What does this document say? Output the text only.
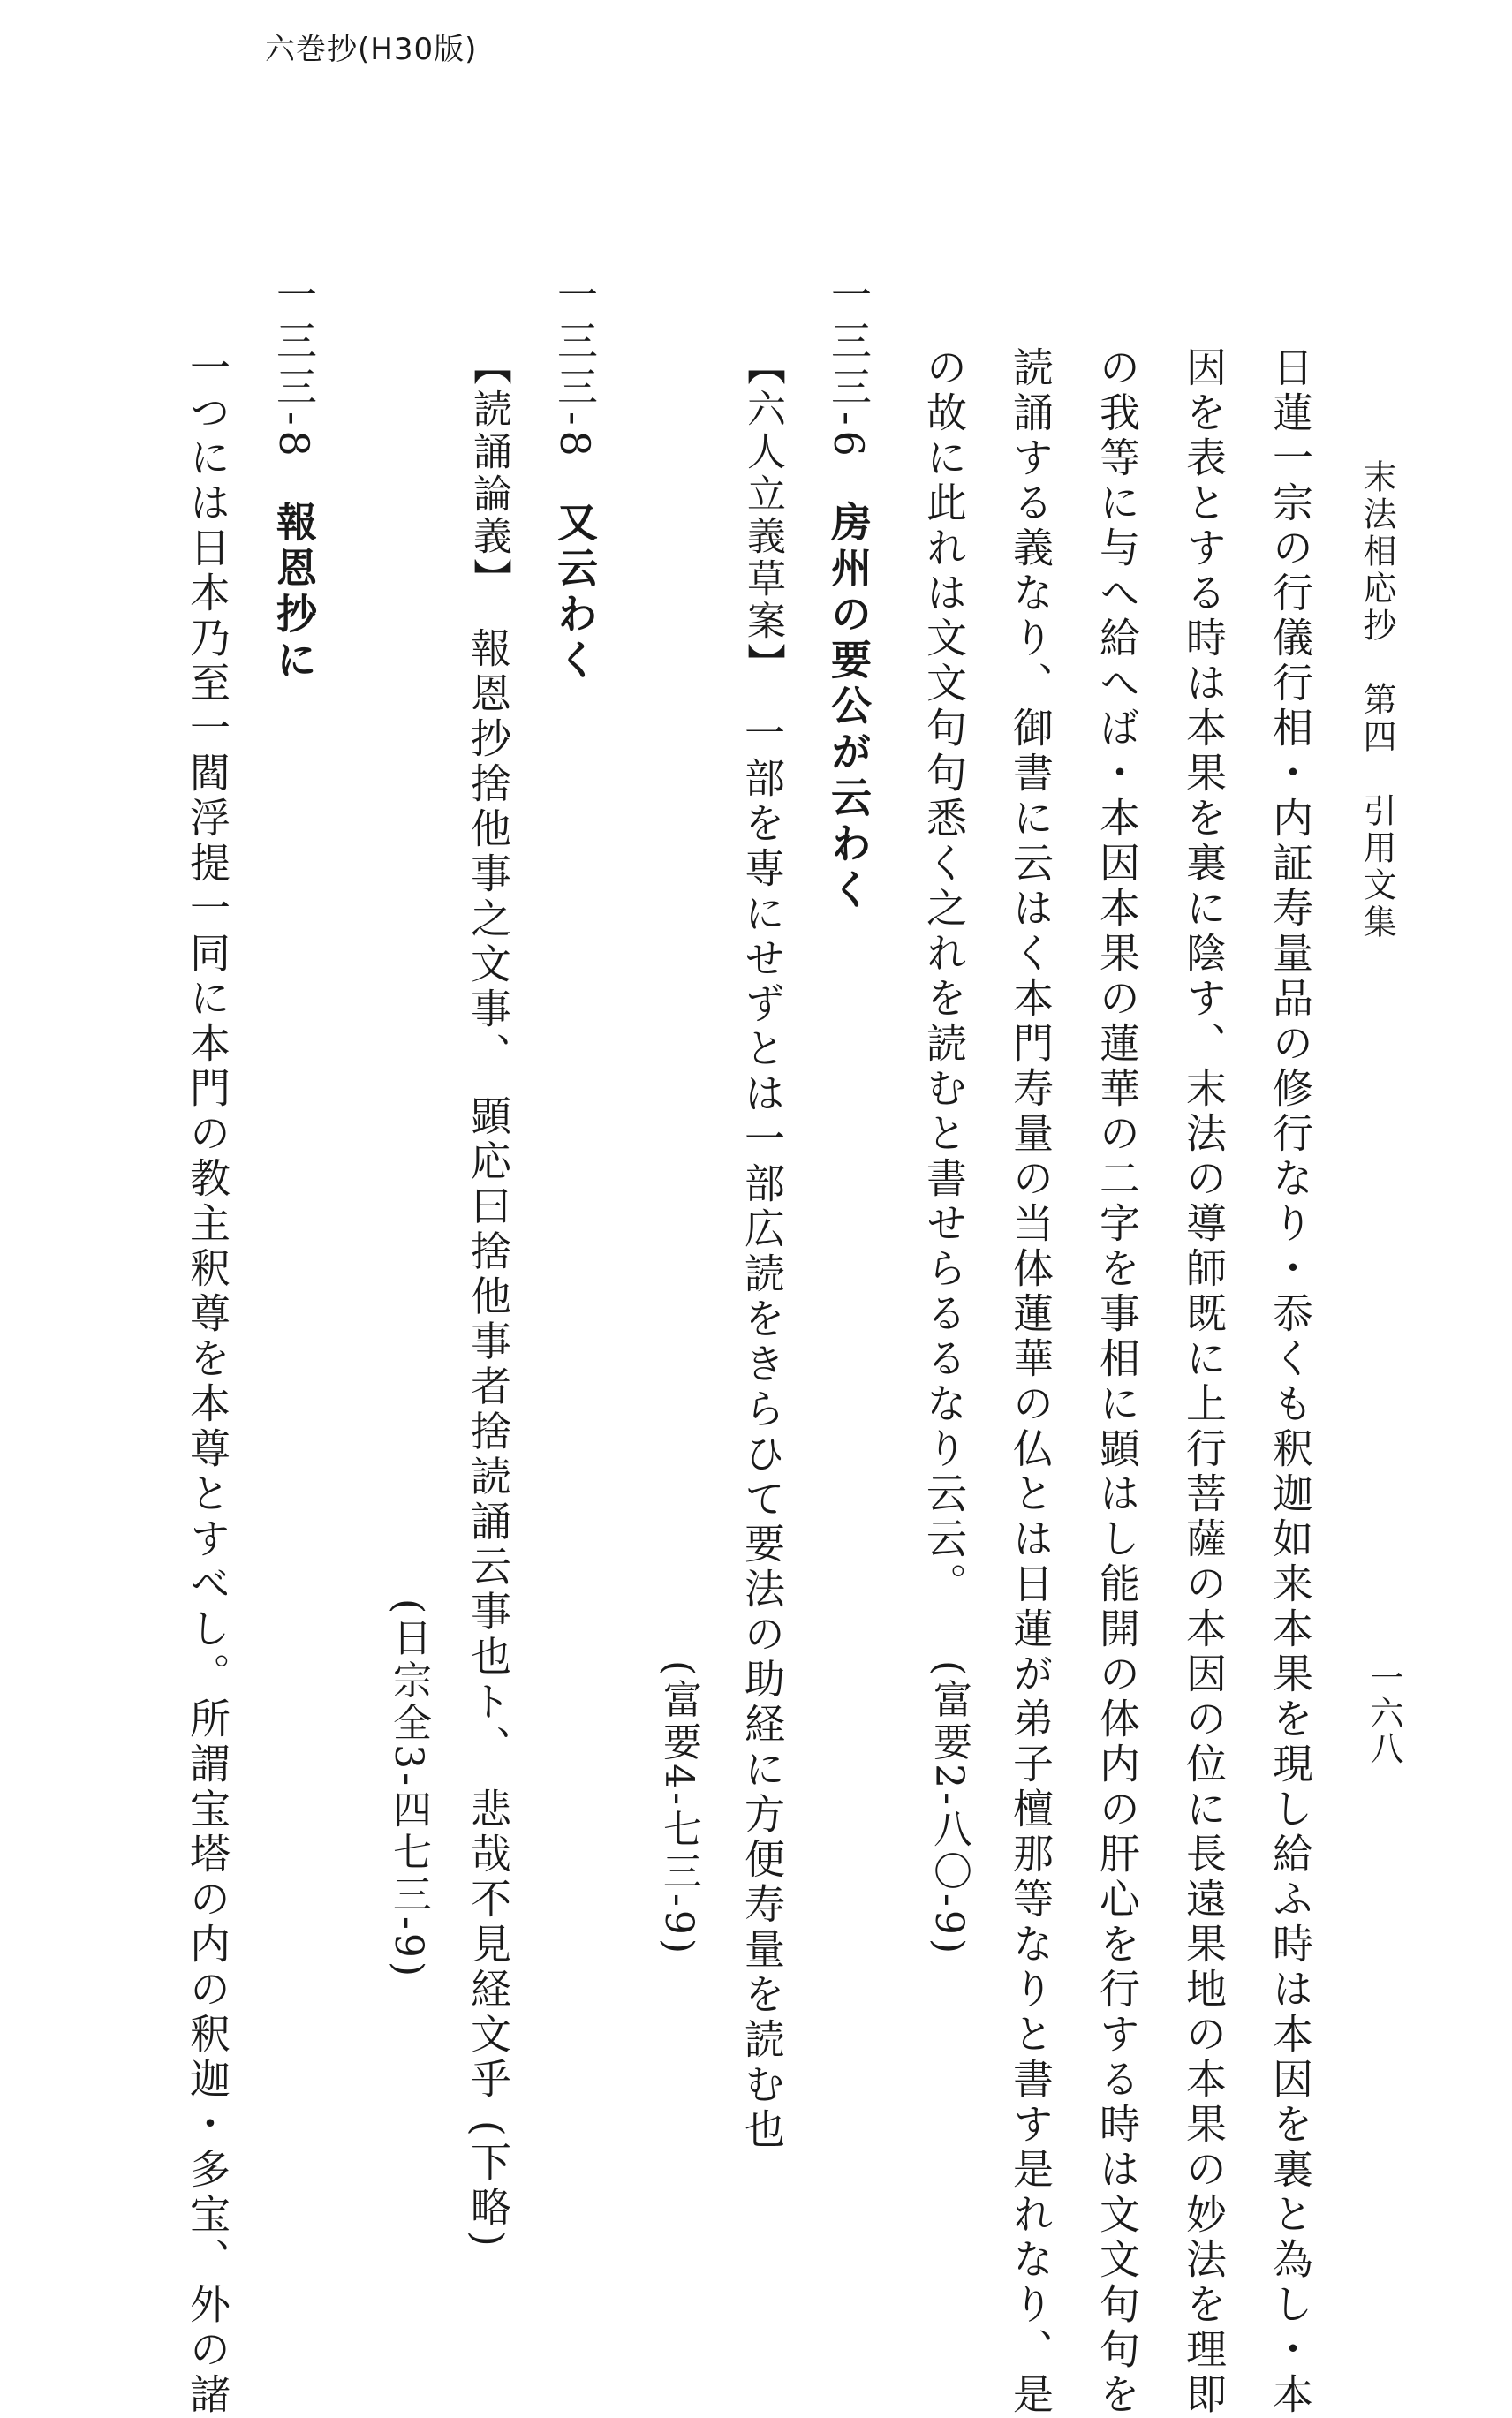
六巻抄(H30版)
末法相応抄　第四　引用文集
一六八
日蓮一宗の行儀行相・内証寿量品の修行なり・忝くも釈迦如来本果を現し給ふ時は本因を裏と為し・本
因を表とする時は本果を裏に陰す、末法の導師既に上行菩薩の本因の位に長遠果地の本果の妙法を理即
の我等に与へ給へば・本因本果の蓮華の二字を事相に顕はし能開の体内の肝心を行する時は文文句句を
読誦する義なり、御書に云はく本門寿量の当体蓮華の仏とは日蓮が弟子檀那等なりと書す是れなり、是
の故に此れは文文句句悉く之れを読むと書せらるるなり云云。
(富要2-八〇-9)
一三三-6房州の要公が云わく
【六人立義草案】一部を専にせずとは一部広読をきらひて要法の助経に方便寿量を読む也
(富要4-七三-9)
一三三-8又云わく
【読誦論義】報恩抄捨他事之文事、 顕応曰捨他事者捨読誦云事也ト、 悲哉不見経文乎 (下略)
(日宗全3-四七三-9)
一三三-8報恩抄に
一つには日本乃至一閻浮提一同に本門の教主釈尊を本尊とすべし。所謂宝塔の内の釈迦・多宝、外の諸
